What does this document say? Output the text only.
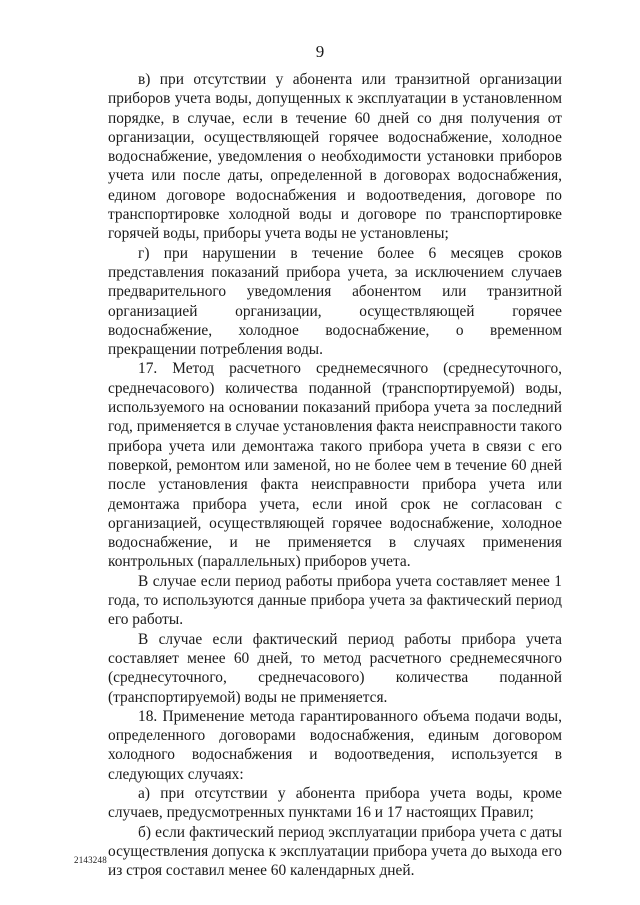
9

в) при отсутствии у абонента или транзитной организации приборов учета воды, допущенных к эксплуатации в установленном порядке, в случае, если в течение 60 дней со дня получения от организации, осуществляющей горячее водоснабжение, холодное водоснабжение, уведомления о необходимости установки приборов учета или после даты, определенной в договорах водоснабжения, едином договоре водоснабжения и водоотведения, договоре по транспортировке холодной воды и договоре по транспортировке горячей воды, приборы учета воды не установлены;

г) при нарушении в течение более 6 месяцев сроков представления показаний прибора учета, за исключением случаев предварительного уведомления абонентом или транзитной организацией организации, осуществляющей горячее водоснабжение, холодное водоснабжение, о временном прекращении потребления воды.

17. Метод расчетного среднемесячного (среднесуточного, среднечасового) количества поданной (транспортируемой) воды, используемого на основании показаний прибора учета за последний год, применяется в случае установления факта неисправности такого прибора учета или демонтажа такого прибора учета в связи с его поверкой, ремонтом или заменой, но не более чем в течение 60 дней после установления факта неисправности прибора учета или демонтажа прибора учета, если иной срок не согласован с организацией, осуществляющей горячее водоснабжение, холодное водоснабжение, и не применяется в случаях применения контрольных (параллельных) приборов учета.

В случае если период работы прибора учета составляет менее 1 года, то используются данные прибора учета за фактический период его работы.

В случае если фактический период работы прибора учета составляет менее 60 дней, то метод расчетного среднемесячного (среднесуточного, среднечасового) количества поданной (транспортируемой) воды не применяется.

18. Применение метода гарантированного объема подачи воды, определенного договорами водоснабжения, единым договором холодного водоснабжения и водоотведения, используется в следующих случаях:

а) при отсутствии у абонента прибора учета воды, кроме случаев, предусмотренных пунктами 16 и 17 настоящих Правил;

б) если фактический период эксплуатации прибора учета с даты осуществления допуска к эксплуатации прибора учета до выхода его из строя составил менее 60 календарных дней.

2143248
